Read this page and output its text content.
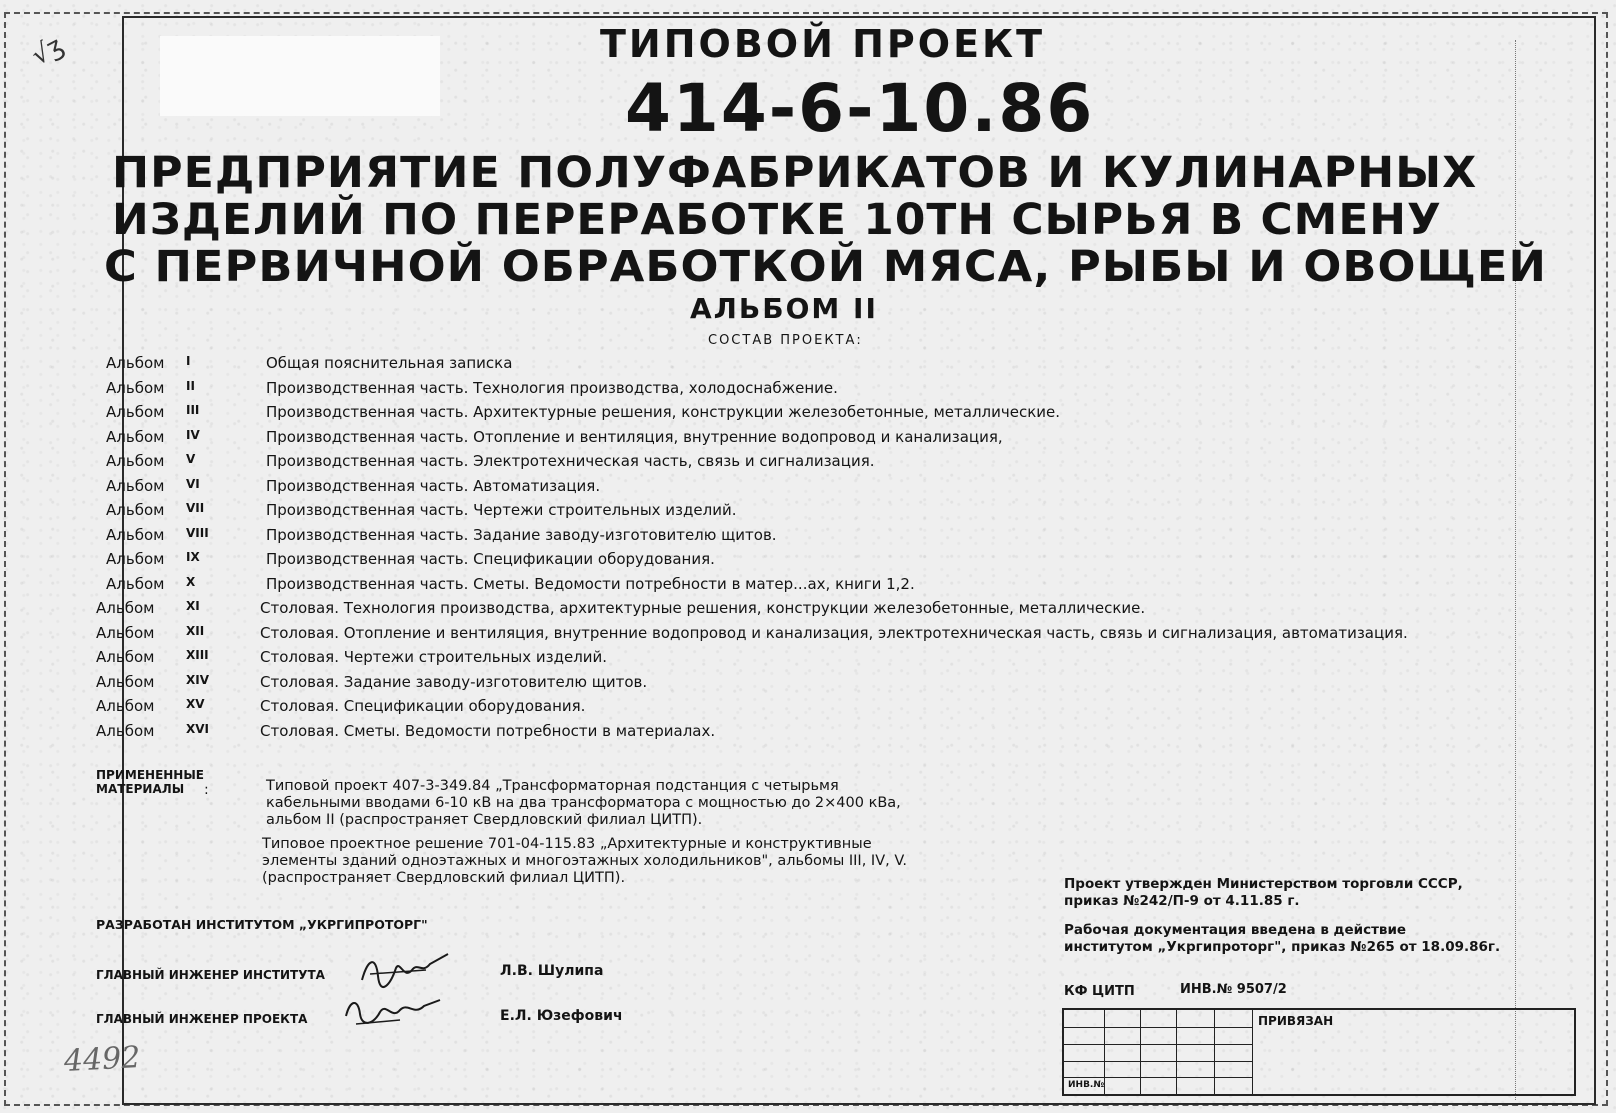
√ʒ	ТИПОВОЙ ПРОЕКТ
414-6-10.86
ПРЕДПРИЯТИЕ ПОЛУФАБРИКАТОВ И КУЛИНАРНЫХ
ИЗДЕЛИЙ ПО ПЕРЕРАБОТКЕ 10ТН СЫРЬЯ В СМЕНУ
С ПЕРВИЧНОЙ ОБРАБОТКОЙ МЯСА, РЫБЫ И ОВОЩЕЙ
АЛЬБОМ II
СОСТАВ ПРОЕКТА:
Альбом I	Общая пояснительная записка
Альбом II	Производственная часть. Технология производства, холодоснабжение.
Альбом III	Производственная часть. Архитектурные решения, конструкции железобетонные, металлические.
Альбом IV	Производственная часть. Отопление и вентиляция, внутренние водопровод и канализация,
Альбом V	Производственная часть. Электротехническая часть, связь и сигнализация.
Альбом VI	Производственная часть. Автоматизация.
Альбом VII	Производственная часть. Чертежи строительных изделий.
Альбом VIII	Производственная часть. Задание заводу-изготовителю щитов.
Альбом IX	Производственная часть. Спецификации оборудования.
Альбом X	Производственная часть. Сметы. Ведомости потребности в матер...ах, книги 1,2.
Альбом	XI	Столовая. Технология производства, архитектурные решения, конструкции железобетонные, металлические.
Альбом	XII	Столовая. Отопление и вентиляция, внутренние водопровод и канализация, электротехническая часть, связь и сигнализация, автоматизация.
Альбом	XIII	Столовая. Чертежи строительных изделий.
Альбом	XIV	Столовая. Задание заводу-изготовителю щитов.
Альбом	XV	Столовая. Спецификации оборудования.
Альбом	XVI	Столовая. Сметы. Ведомости потребности в материалах.
ПРИМЕНЕННЫЕ
МАТЕРИАЛЫ	:	Типовой проект 407-3-349.84 „Трансформаторная подстанция с четырьмя
кабельными вводами 6-10 кВ на два трансформатора с мощностью до 2×400 кВа,
альбом II (распространяет Свердловский филиал ЦИТП).
Типовое проектное решение 701-04-115.83 „Архитектурные и конструктивные
элементы зданий одноэтажных и многоэтажных холодильников", альбомы III, IV, V.
(распространяет Свердловский филиал ЦИТП).	Проект утвержден Министерством торговли СССР,
приказ №242/П-9 от 4.11.85 г.
Рабочая документация введена в действие
институтом „Укргипроторг", приказ №265 от 18.09.86г.
РАЗРАБОТАН ИНСТИТУТОМ „УКРГИПРОТОРГ"
ГЛАВНЫЙ ИНЖЕНЕР ИНСТИТУТА
ГЛАВНЫЙ ИНЖЕНЕР ПРОЕКТА
Л.В. Шулипа
Е.Л. Юзефович
КФ ЦИТП	ИНВ.№ 9507/2
ПРИВЯЗАН
ИНВ.№
4492
